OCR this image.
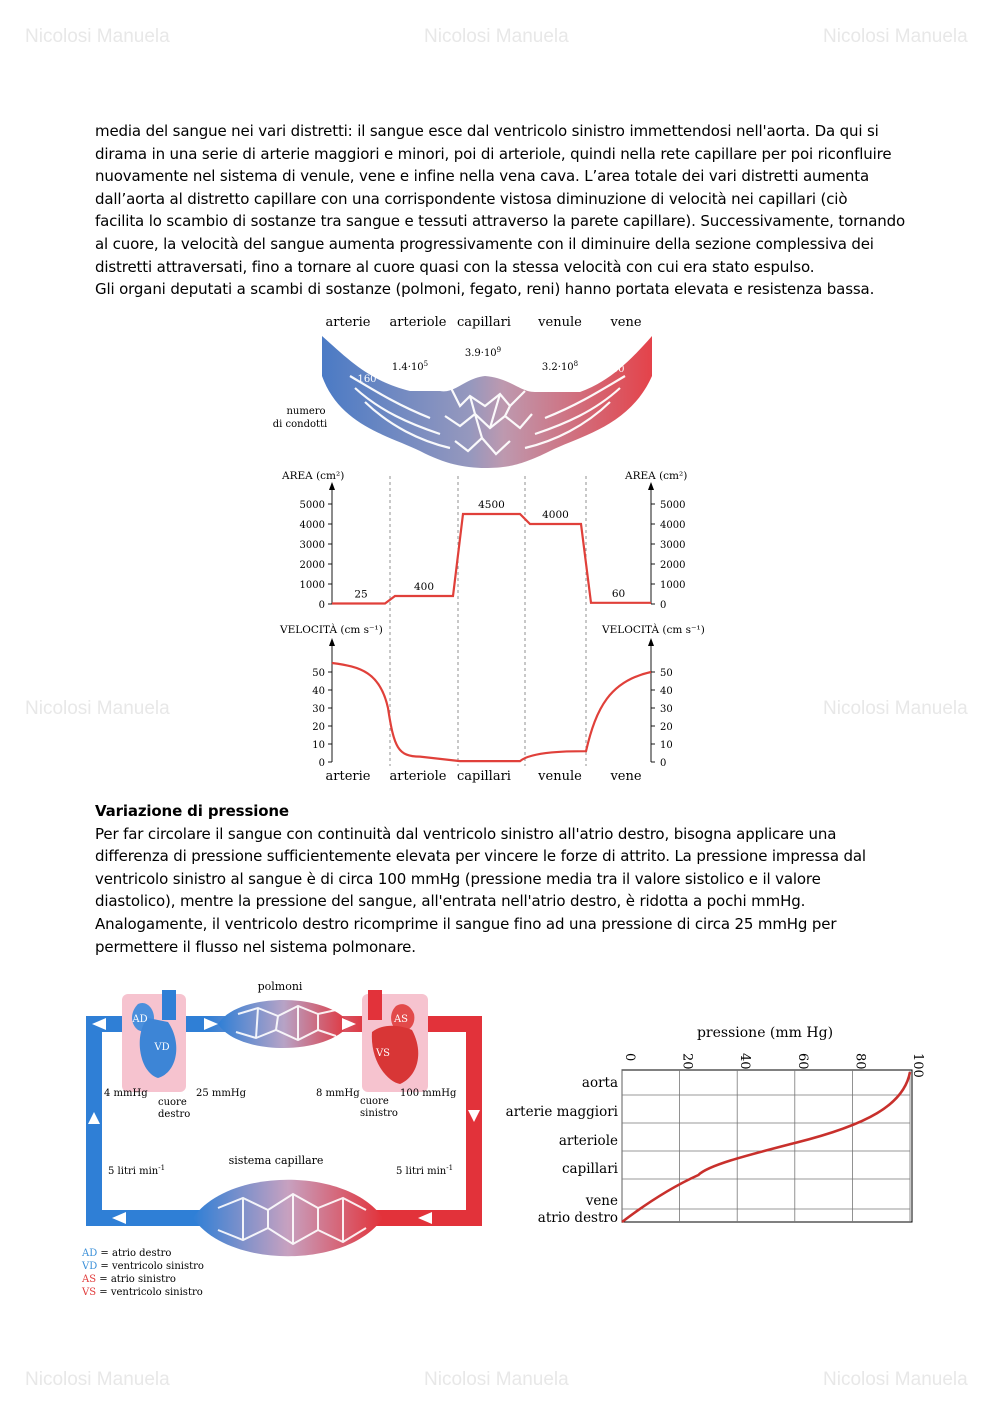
Nicolosi Manuela	Nicolosi Manuela	Nicolosi Manuela
Nicolosi Manuela	Nicolosi Manuela
Nicolosi Manuela	Nicolosi Manuela	Nicolosi Manuela

media del sangue nei vari distretti: il sangue esce dal ventricolo sinistro immettendosi nell'aorta. Da qui si

dirama in una serie di arterie maggiori e minori, poi di arteriole, quindi nella rete capillare per poi riconfluire

nuovamente nel sistema di venule, vene e infine nella vena cava. L’area totale dei vari distretti aumenta

dall’aorta al distretto capillare con una corrispondente vistosa diminuzione di velocità nei capillari (ciò

facilita lo scambio di sostanze tra sangue e tessuti attraverso la parete capillare). Successivamente, tornando

al cuore, la velocità del sangue aumenta progressivamente con il diminuire della sezione complessiva dei

distretti attraversati, fino a tornare al cuore quasi con la stessa velocità con cui era stato espulso.

Gli organi deputati a scambi di sostanze (polmoni, fegato, reni) hanno portata elevata e resistenza bassa.

arterie arteriole capillari venule vene
160
$1.4\cdot 10^5$
$3.9\cdot 10^9$
$3.2\cdot 10^8$	200
numero
di condotti
AREA (cm²)	AREA (cm²)
5000	5000
4000	4000
3000	3000
2000	2000
1000	1000
0	0
25
400
4500
4000
60
VELOCITÀ (cm s⁻¹)	VELOCITÀ (cm s⁻¹)
50	50
40	40
30	30
20	20
10	10
0	0
arterie arteriole capillari venule vene

Variazione di pressione

Per far circolare il sangue con continuità dal ventricolo sinistro all'atrio destro, bisogna applicare una

differenza di pressione sufficientemente elevata per vincere le forze di attrito. La pressione impressa dal

ventricolo sinistro al sangue è di circa 100 mmHg (pressione media tra il valore sistolico e il valore

diastolico), mentre la pressione del sangue, all'entrata nell'atrio destro, è ridotta a pochi mmHg.

Analogamente, il ventricolo destro ricomprime il sangue fino ad una pressione di circa 25 mmHg per

permettere il flusso nel sistema polmonare.

polmoni
sistema capillare
AD
VD
AS
VS
4 mmHg	25 mmHg	8 mmHg	100 mmHg
cuore
destro
cuore
sinistro
5 litri $\min^{-1}$	5 litri $\min^{-1}$
AD = atrio destro
VD = ventricolo sinistro
AS = atrio sinistro
VS = ventricolo sinistro
pressione (mm Hg)
0	20	40	60	80	100
aorta
arterie maggiori
arteriole
capillari
vene
atrio destro
